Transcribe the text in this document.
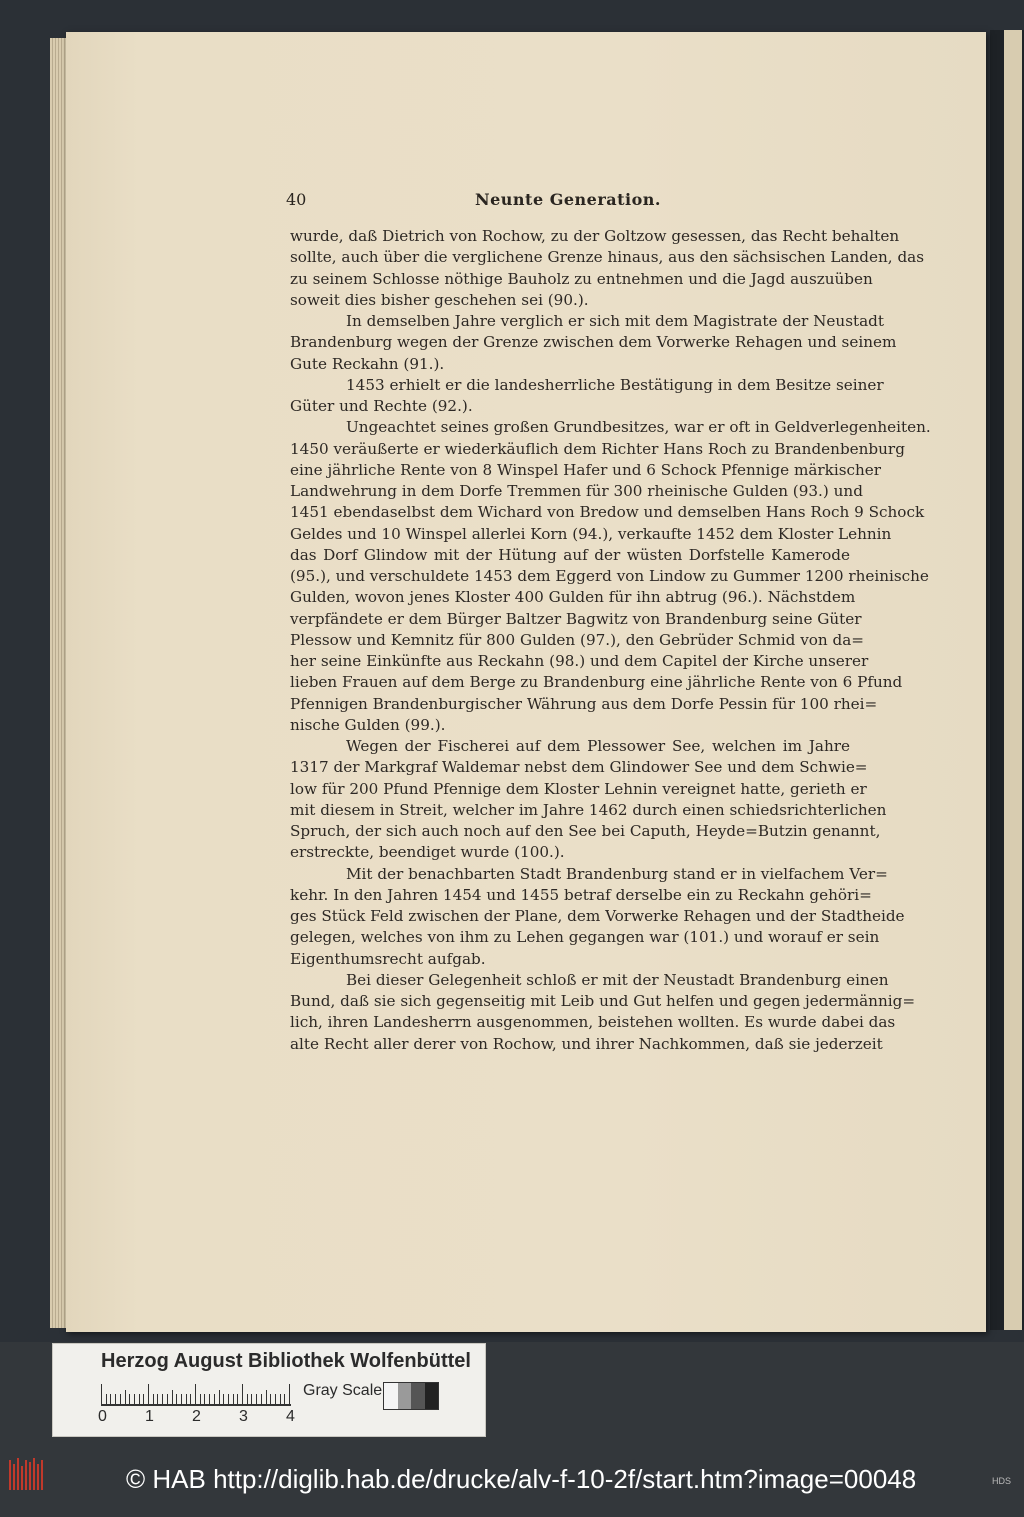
40	Neunte Generation.
wurde, daß Dietrich von Rochow, zu der Goltzow gesessen, das Recht behalten
sollte, auch über die verglichene Grenze hinaus, aus den sächsischen Landen, das
zu seinem Schlosse nöthige Bauholz zu entnehmen und die Jagd auszuüben
soweit dies bisher geschehen sei (90.).
In demselben Jahre verglich er sich mit dem Magistrate der Neustadt
Brandenburg wegen der Grenze zwischen dem Vorwerke Rehagen und seinem
Gute Reckahn (91.).
1453 erhielt er die landesherrliche Bestätigung in dem Besitze seiner
Güter und Rechte (92.).
Ungeachtet seines großen Grundbesitzes, war er oft in Geldverlegenheiten.
1450 veräußerte er wiederkäuflich dem Richter Hans Roch zu Brandenbenburg
eine jährliche Rente von 8 Winspel Hafer und 6 Schock Pfennige märkischer
Landwehrung in dem Dorfe Tremmen für 300 rheinische Gulden (93.) und
1451 ebendaselbst dem Wichard von Bredow und demselben Hans Roch 9 Schock
Geldes und 10 Winspel allerlei Korn (94.), verkaufte 1452 dem Kloster Lehnin
das Dorf Glindow mit der Hütung auf der wüsten Dorfstelle Kamerode
(95.), und verschuldete 1453 dem Eggerd von Lindow zu Gummer 1200 rheinische
Gulden, wovon jenes Kloster 400 Gulden für ihn abtrug (96.). Nächstdem
verpfändete er dem Bürger Baltzer Bagwitz von Brandenburg seine Güter
Plessow und Kemnitz für 800 Gulden (97.), den Gebrüder Schmid von da=
her seine Einkünfte aus Reckahn (98.) und dem Capitel der Kirche unserer
lieben Frauen auf dem Berge zu Brandenburg eine jährliche Rente von 6 Pfund
Pfennigen Brandenburgischer Währung aus dem Dorfe Pessin für 100 rhei=
nische Gulden (99.).
Wegen der Fischerei auf dem Plessower See, welchen im Jahre
1317 der Markgraf Waldemar nebst dem Glindower See und dem Schwie=
low für 200 Pfund Pfennige dem Kloster Lehnin vereignet hatte, gerieth er
mit diesem in Streit, welcher im Jahre 1462 durch einen schiedsrichterlichen
Spruch, der sich auch noch auf den See bei Caputh, Heyde=Butzin genannt,
erstreckte, beendiget wurde (100.).
Mit der benachbarten Stadt Brandenburg stand er in vielfachem Ver=
kehr. In den Jahren 1454 und 1455 betraf derselbe ein zu Reckahn gehöri=
ges Stück Feld zwischen der Plane, dem Vorwerke Rehagen und der Stadtheide
gelegen, welches von ihm zu Lehen gegangen war (101.) und worauf er sein
Eigenthumsrecht aufgab.
Bei dieser Gelegenheit schloß er mit der Neustadt Brandenburg einen
Bund, daß sie sich gegenseitig mit Leib und Gut helfen und gegen jedermännig=
lich, ihren Landesherrn ausgenommen, beistehen wollten. Es wurde dabei das
alte Recht aller derer von Rochow, und ihrer Nachkommen, daß sie jederzeit
Herzog August Bibliothek Wolfenbüttel
0 1 2 3 4
Gray Scale
© HAB http://diglib.hab.de/drucke/alv-f-10-2f/start.htm?image=00048	HDS
